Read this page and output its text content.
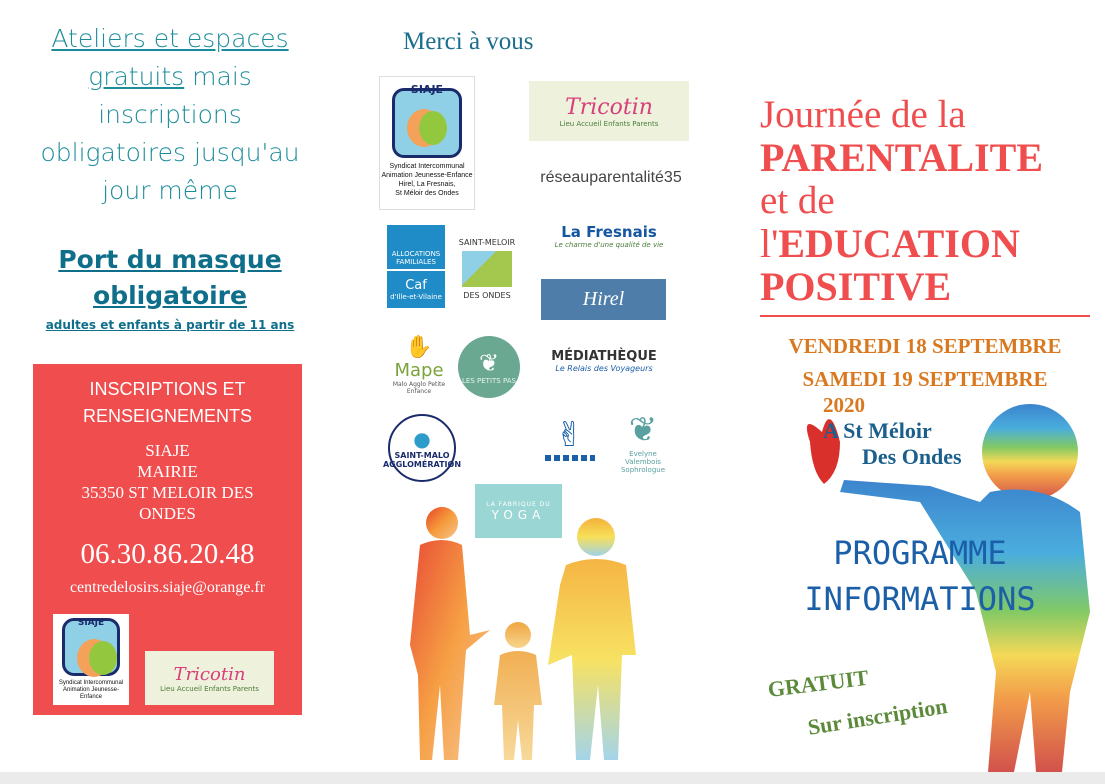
Ateliers et espaces
gratuits mais
inscriptions
obligatoires jusqu'au
jour même
Port du masque
obligatoire
adultes et enfants à partir de 11 ans
INSCRIPTIONS ET
RENSEIGNEMENTS
SIAJE
MAIRIE
35350 ST MELOIR DES
ONDES
06.30.86.20.48
centredelosirs.siaje@orange.fr
SIAJE
Syndicat Intercommunal
Animation Jeunesse-Enfance
Tricotin
Lieu Accueil Enfants Parents
Merci à vous
SIAJE
Syndicat Intercommunal
Animation Jeunesse-Enfance
Hirel, La Fresnais,
St Méloir des Ondes
Tricotin
Lieu Accueil Enfants Parents
réseauparentalité35
ALLOCATIONS FAMILIALES
Caf
d'Ille-et-Vilaine
SAINT-MELOIR
DES ONDES
La Fresnais
Le charme d'une qualité de vie
Hirel
✋
Mape
Malo Agglo Petite Enfance
❦
LES PETITS PAS
MÉDIATHÈQUE
Le Relais des Voyageurs
●
SAINT-MALO AGGLOMÉRATION
✌ ❦
Evelyne Valembois Sophrologue
LA FABRIQUE DU
YOGA
Journée de la
PARENTALITE
et de
l'EDUCATION
POSITIVE
VENDREDI 18 SEPTEMBRE
SAMEDI 19 SEPTEMBRE
2020
A St Méloir
Des Ondes
PROGRAMME
INFORMATIONS
GRATUIT
Sur inscription
